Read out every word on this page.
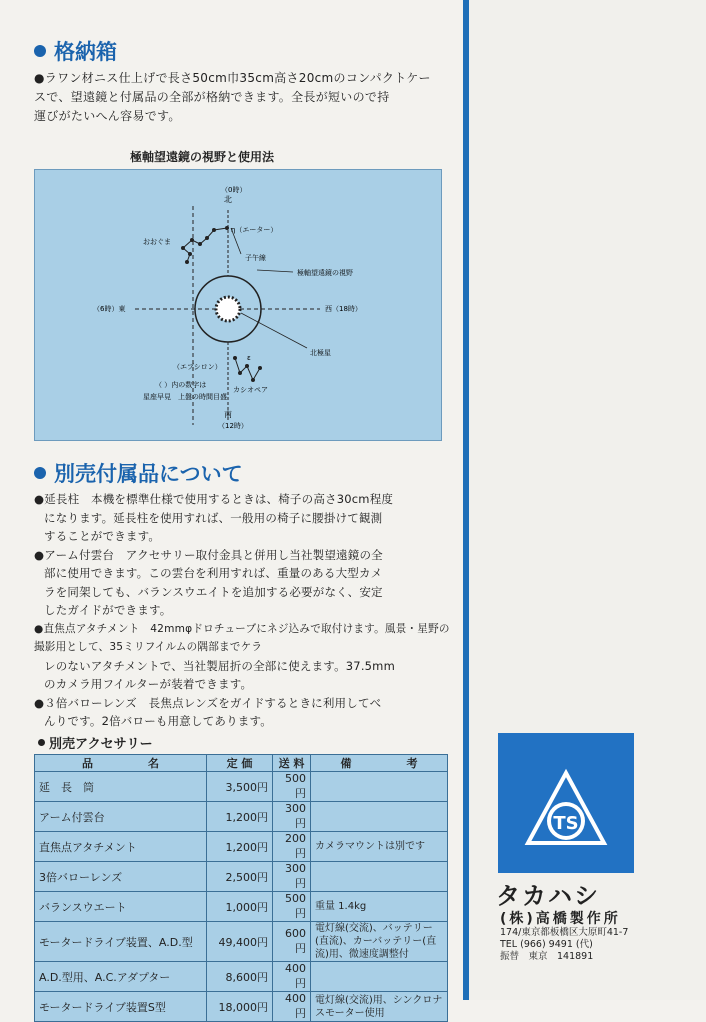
格納箱
●ラワン材ニス仕上げで長さ50cm巾35cm高さ20cmのコンパクトケー
スで、望遠鏡と付属品の全部が格納できます。全長が短いので持
運びがたいへん容易です。
極軸望遠鏡の視野と使用法
（0時）
北
η（エーター）
子午線
おおぐま
極軸望遠鏡の視野
（6時）東	西（18時）
北極星
（エプシロン）
ε
カシオペア
（ ）内の数字は
星座早見　上盤の時間目盛
南
（12時）
別売付属品について
●延長柱　本機を標準仕様で使用するときは、椅子の高さ30cm程度
になります。延長柱を使用すれば、一般用の椅子に腰掛けて観測
することができます。
●アーム付雲台　アクセサリー取付金具と併用し当社製望遠鏡の全
部に使用できます。この雲台を利用すれば、重量のある大型カメ
ラを同架しても、バランスウエイトを追加する必要がなく、安定
したガイドができます。
●直焦点アタチメント　42mmφドロチューブにネジ込みで取付けます。風景・星野の撮影用として、35ミリフイルムの隅部までケラ
レのないアタチメントで、当社製屈折の全部に使えます。37.5mm
のカメラ用フイルターが装着できます。
●３倍バローレンズ　長焦点レンズをガイドするときに利用してべ
んりです。2倍バローも用意してあります。
別売アクセサリー
品　　　　　名	定 価	送 料	備　　　　　考
延　長　筒	3,500円	500円	
アーム付雲台	1,200円	300円	
直焦点アタチメント	1,200円	200円	カメラマウントは別です
3倍バローレンズ	2,500円	300円	
バランスウエート	1,000円	500円	重量 1.4kg
モータードライブ装置、A.D.型	49,400円	600円	電灯線(交流)、バッテリー(直流)、カーバッテリー(直流)用、微速度調整付
A.D.型用、A.C.アダプター	8,600円	400円	
モータードライブ装置S型	18,000円	400円	電灯線(交流)用、シンクロナスモーター使用
TS
タカハシ
(株)高橋製作所
174/東京都板橋区大原町41-7
TEL (966) 9491 (代)
振替　東京　141891
